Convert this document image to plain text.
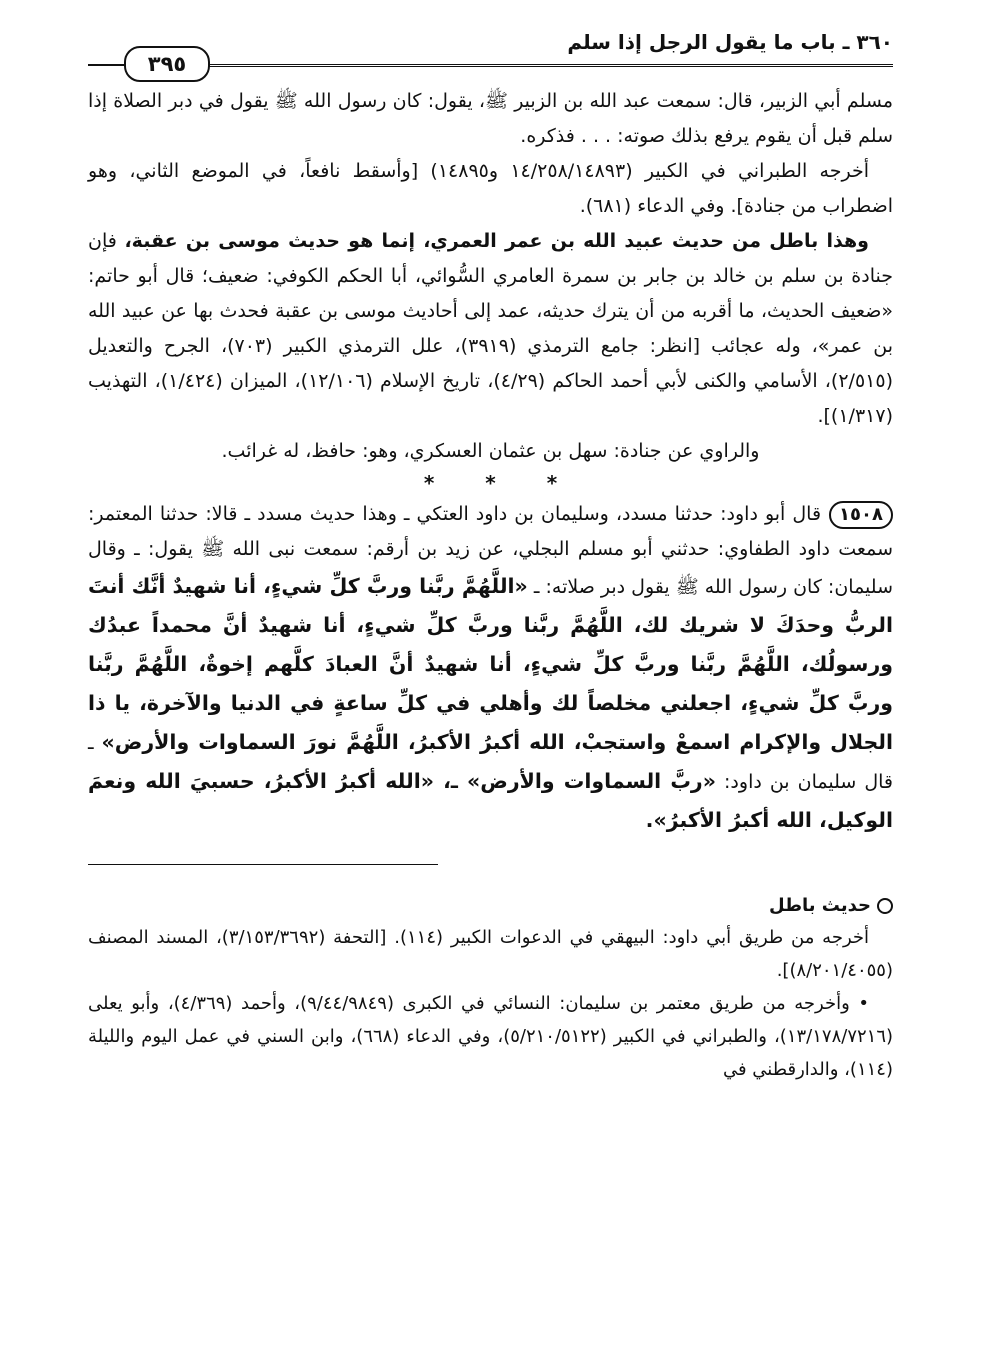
٣٦٠ ـ باب ما يقول الرجل إذا سلم
٣٩٥

مسلم أبي الزبير، قال: سمعت عبد الله بن الزبير ﷺ، يقول: كان رسول الله ﷺ يقول في دبر الصلاة إذا سلم قبل أن يقوم يرفع بذلك صوته: . . . فذكره.

أخرجه الطبراني في الكبير (١٤/٢٥٨/١٤٨٩٣ و١٤٨٩٥) [وأسقط نافعاً، في الموضع الثاني، وهو اضطراب من جنادة]. وفي الدعاء (٦٨١).

وهذا باطل من حديث عبيد الله بن عمر العمري، إنما هو حديث موسى بن عقبة، فإن جنادة بن سلم بن خالد بن جابر بن سمرة العامري السُّوائي، أبا الحكم الكوفي: ضعيف؛ قال أبو حاتم: «ضعيف الحديث، ما أقربه من أن يترك حديثه، عمد إلى أحاديث موسى بن عقبة فحدث بها عن عبيد الله بن عمر»، وله عجائب [انظر: جامع الترمذي (٣٩١٩)، علل الترمذي الكبير (٧٠٣)، الجرح والتعديل (٢/٥١٥)، الأسامي والكنى لأبي أحمد الحاكم (٤/٢٩)، تاريخ الإسلام (١٢/١٠٦)، الميزان (١/٤٢٤)، التهذيب (١/٣١٧)].

والراوي عن جنادة: سهل بن عثمان العسكري، وهو: حافظ، له غرائب.

* * *

١٥٠٨قال أبو داود: حدثنا مسدد، وسليمان بن داود العتكي ـ وهذا حديث مسدد ـ قالا: حدثنا المعتمر: سمعت داود الطفاوي: حدثني أبو مسلم البجلي، عن زيد بن أرقم: سمعت نبى الله ﷺ يقول: ـ وقال سليمان: كان رسول الله ﷺ يقول دبر صلاته: ـ «اللَّهُمَّ ربَّنا وربَّ كلِّ شيءٍ، أنا شهيدٌ أنَّك أنتَ الربُّ وحدَكَ لا شريك لك، اللَّهُمَّ ربَّنا وربَّ كلِّ شيءٍ، أنا شهيدٌ أنَّ محمداً عبدُك ورسولُك، اللَّهُمَّ ربَّنا وربَّ كلِّ شيءٍ، أنا شهيدٌ أنَّ العبادَ كلَّهم إخوةٌ، اللَّهُمَّ ربَّنا وربَّ كلِّ شيءٍ، اجعلني مخلصاً لك وأهلي في كلِّ ساعةٍ في الدنيا والآخرة، يا ذا الجلال والإكرام اسمعْ واستجبْ، الله أكبرُ الأكبرُ، اللَّهُمَّ نورَ السماوات والأرض» ـ قال سليمان بن داود: «ربَّ السماوات والأرض» ـ، «الله أكبرُ الأكبرُ، حسبيَ الله ونعمَ الوكيل، الله أكبرُ الأكبرُ».

حديث باطل

أخرجه من طريق أبي داود: البيهقي في الدعوات الكبير (١١٤). [التحفة (٣/١٥٣/٣٦٩٢)، المسند المصنف (٨/٢٠١/٤٠٥٥)].

• وأخرجه من طريق معتمر بن سليمان: النسائي في الكبرى (٩/٤٤/٩٨٤٩)، وأحمد (٤/٣٦٩)، وأبو يعلى (١٣/١٧٨/٧٢١٦)، والطبراني في الكبير (٥/٢١٠/٥١٢٢)، وفي الدعاء (٦٦٨)، وابن السني في عمل اليوم والليلة (١١٤)، والدارقطني في
